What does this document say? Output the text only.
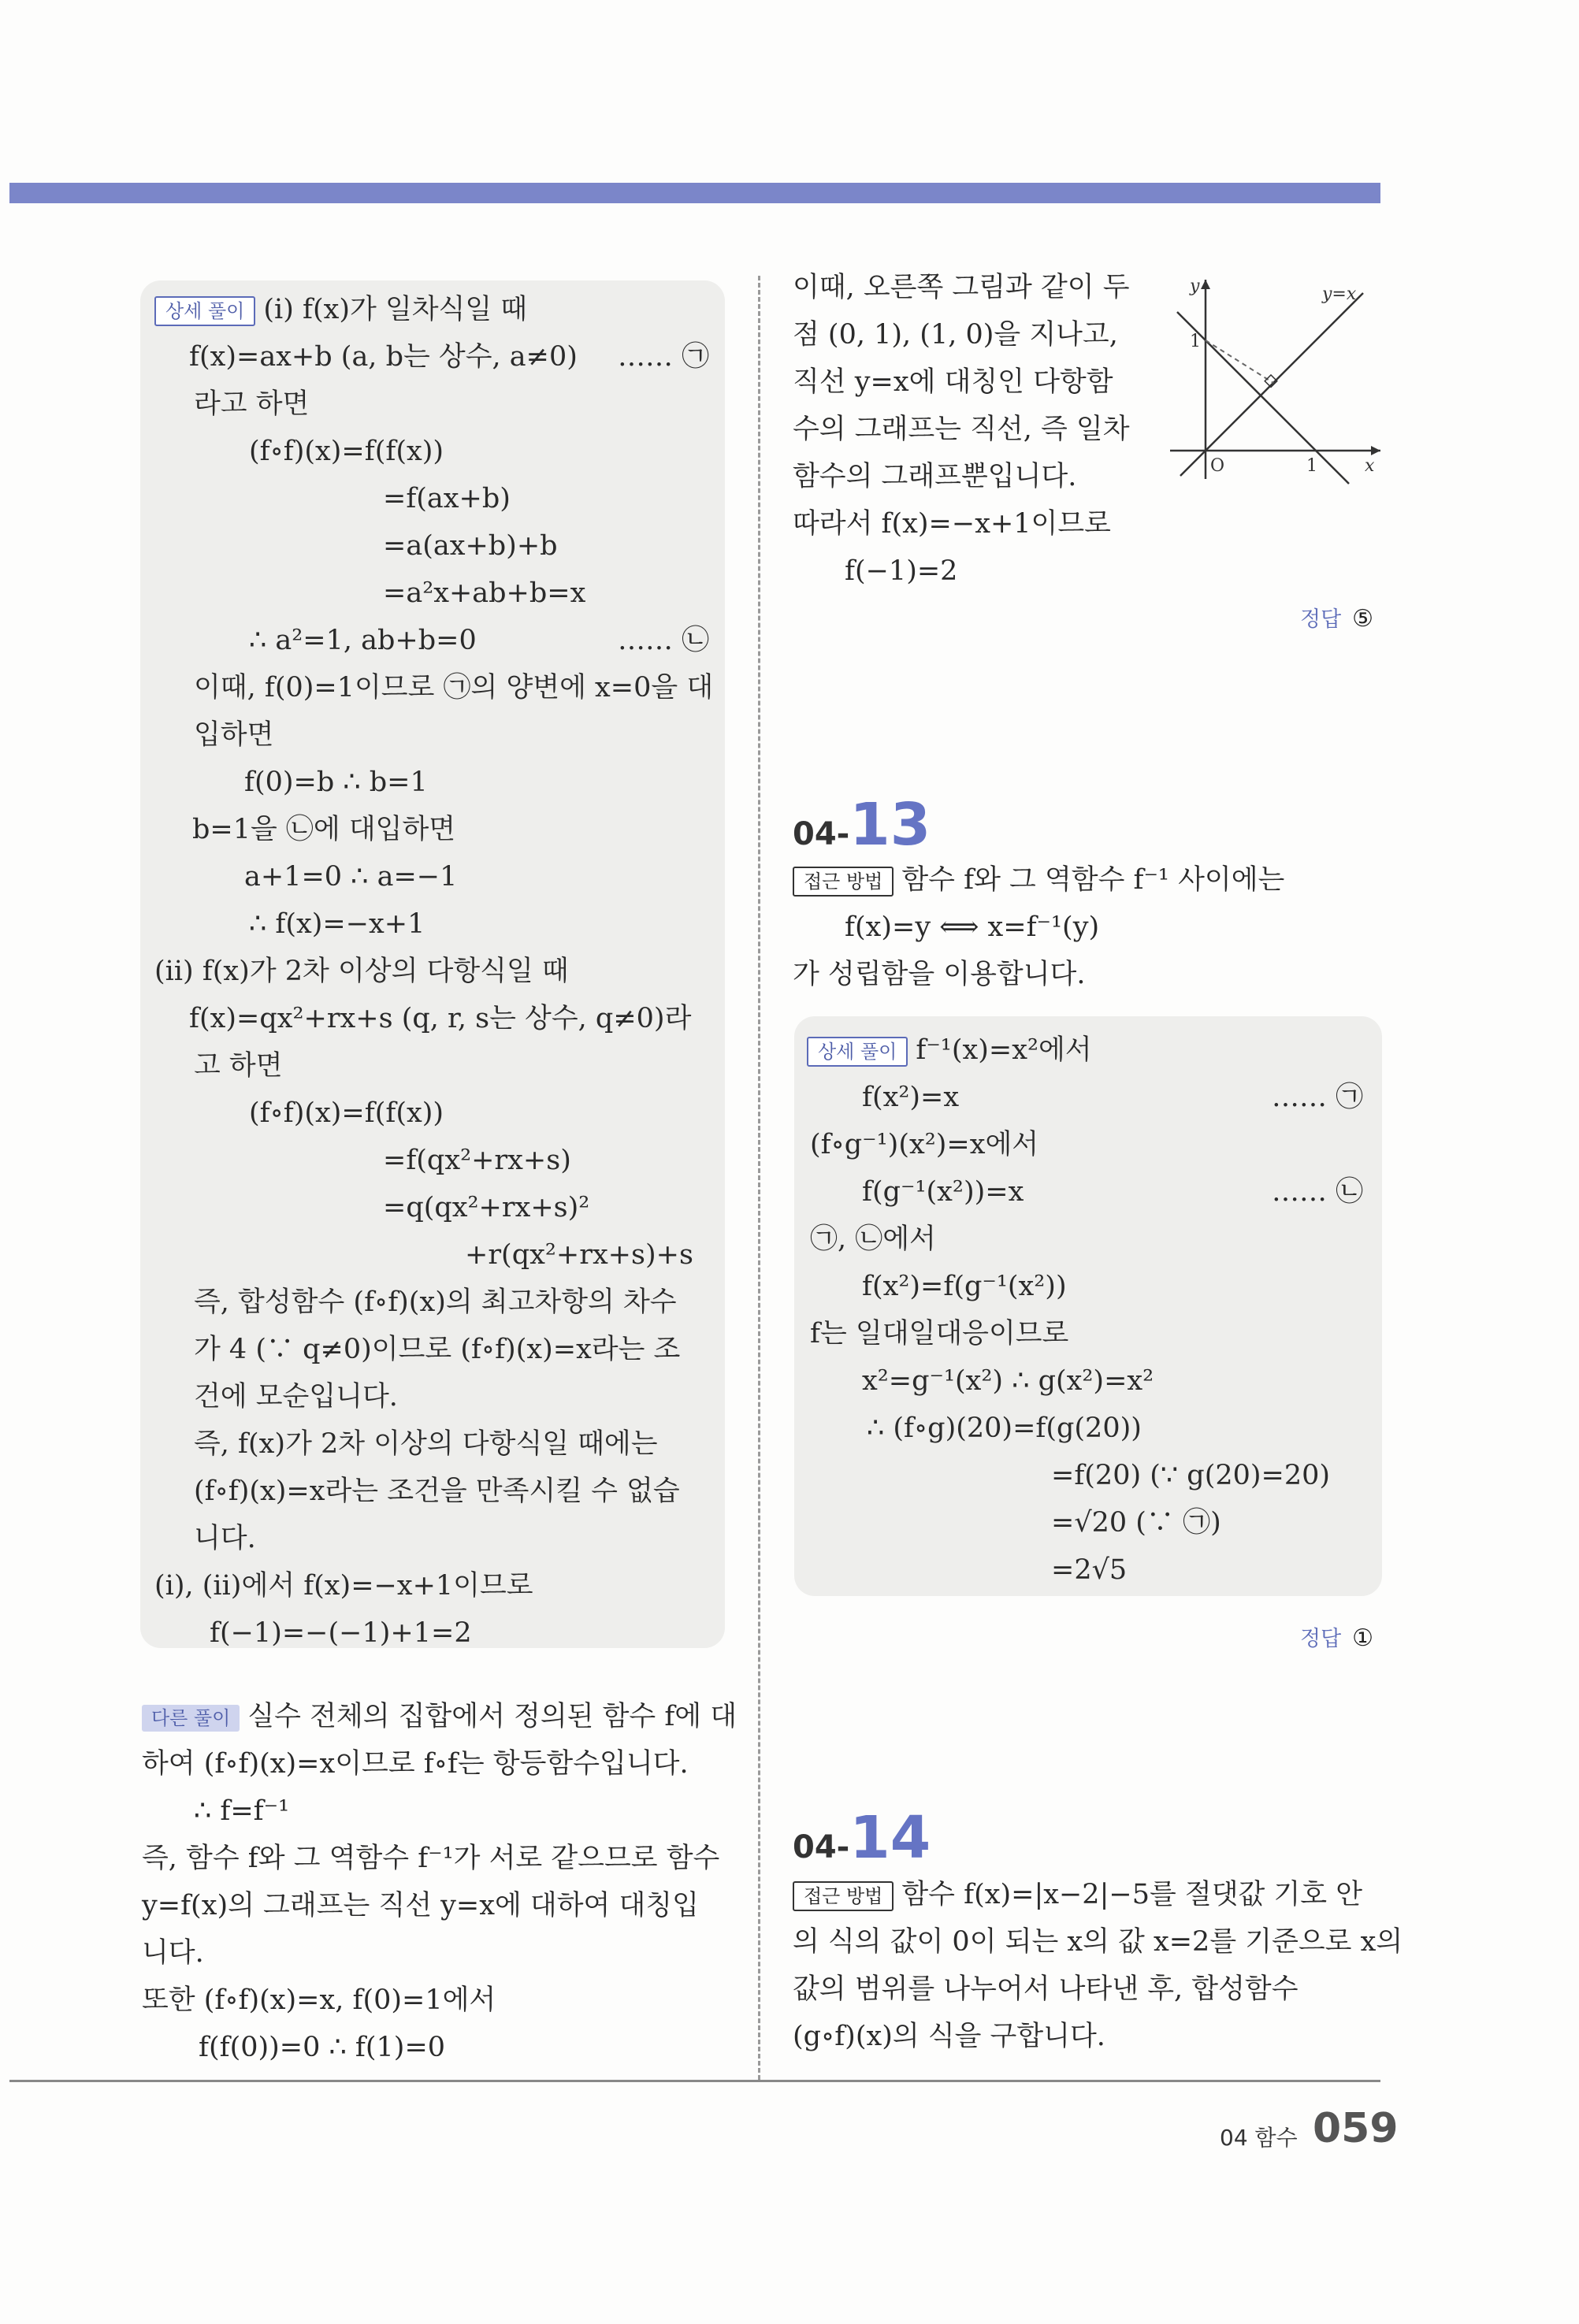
상세 풀이 (ⅰ) f(x)가 일차식일 때
f(x)=ax+b (a, b는 상수, a≠0) …… ㉠
라고 하면
(f∘f)(x)=f(f(x))
=f(ax+b)
=a(ax+b)+b
=a²x+ab+b=x
∴ a²=1, ab+b=0	…… ㉡
이때, f(0)=1이므로 ㉠의 양변에 x=0을 대
입하면
f(0)=b ∴ b=1
b=1을 ㉡에 대입하면
a+1=0 ∴ a=−1
∴ f(x)=−x+1
(ⅱ) f(x)가 2차 이상의 다항식일 때
f(x)=qx²+rx+s (q, r, s는 상수, q≠0)라
고 하면
(f∘f)(x)=f(f(x))
=f(qx²+rx+s)
=q(qx²+rx+s)²
+r(qx²+rx+s)+s
즉, 합성함수 (f∘f)(x)의 최고차항의 차수
가 4 (∵ q≠0)이므로 (f∘f)(x)=x라는 조
건에 모순입니다.
즉, f(x)가 2차 이상의 다항식일 때에는
(f∘f)(x)=x라는 조건을 만족시킬 수 없습
니다.
(ⅰ), (ⅱ)에서 f(x)=−x+1이므로
f(−1)=−(−1)+1=2
다른 풀이 실수 전체의 집합에서 정의된 함수 f에 대
하여 (f∘f)(x)=x이므로 f∘f는 항등함수입니다.
∴ f=f⁻¹
즉, 함수 f와 그 역함수 f⁻¹가 서로 같으므로 함수
y=f(x)의 그래프는 직선 y=x에 대하여 대칭입
니다.
또한 (f∘f)(x)=x, f(0)=1에서
f(f(0))=0 ∴ f(1)=0
이때, 오른쪽 그림과 같이 두
점 (0, 1), (1, 0)을 지나고,
직선 y=x에 대칭인 다항함
수의 그래프는 직선, 즉 일차
함수의 그래프뿐입니다.
따라서 f(x)=−x+1이므로
f(−1)=2
y	y=x
1
O	1	x
정답 ⑤
04-13
접근 방법 함수 f와 그 역함수 f⁻¹ 사이에는
f(x)=y ⟺ x=f⁻¹(y)
가 성립함을 이용합니다.
상세 풀이 f⁻¹(x)=x²에서
f(x²)=x	…… ㉠
(f∘g⁻¹)(x²)=x에서
f(g⁻¹(x²))=x	…… ㉡
㉠, ㉡에서
f(x²)=f(g⁻¹(x²))
f는 일대일대응이므로
x²=g⁻¹(x²) ∴ g(x²)=x²
∴ (f∘g)(20)=f(g(20))
=f(20) (∵ g(20)=20)
=√20 (∵ ㉠)
=2√5
정답 ①
04-14
접근 방법 함수 f(x)=|x−2|−5를 절댓값 기호 안
의 식의 값이 0이 되는 x의 값 x=2를 기준으로 x의
값의 범위를 나누어서 나타낸 후, 합성함수
(g∘f)(x)의 식을 구합니다.
04 함수 059
